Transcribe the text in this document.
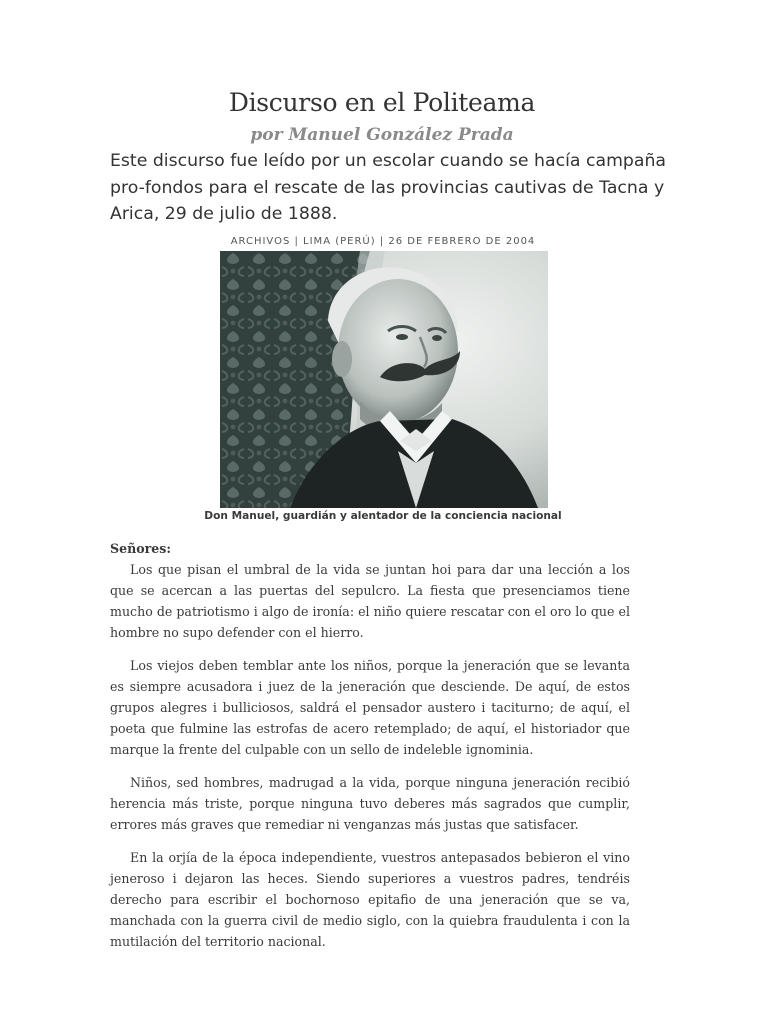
Discurso en el Politeama
por Manuel González Prada
Este discurso fue leído por un escolar cuando se hacía campaña pro-fondos para el rescate de las provincias cautivas de Tacna y Arica, 29 de julio de 1888.
ARCHIVOS | LIMA (PERÚ) | 26 DE FEBRERO DE 2004
Don Manuel, guardián y alentador de la conciencia nacional
Señores:

Los que pisan el umbral de la vida se juntan hoi para dar una lección a los que se acercan a las puertas del sepulcro. La fiesta que presenciamos tiene mucho de patriotismo i algo de ironía: el niño quiere rescatar con el oro lo que el hombre no supo defender con el hierro.

Los viejos deben temblar ante los niños, porque la jeneración que se levanta es siempre acusadora i juez de la jeneración que desciende. De aquí, de estos grupos alegres i bulliciosos, saldrá el pensador austero i taciturno; de aquí, el poeta que fulmine las estrofas de acero retemplado; de aquí, el historiador que marque la frente del culpable con un sello de indeleble ignominia.

Niños, sed hombres, madrugad a la vida, porque ninguna jeneración recibió herencia más triste, porque ninguna tuvo deberes más sagrados que cumplir, errores más graves que remediar ni venganzas más justas que satisfacer.

En la orjía de la época independiente, vuestros antepasados bebieron el vino jeneroso i dejaron las heces. Siendo superiores a vuestros padres, tendréis derecho para escribir el bochornoso epitafio de una jeneración que se va, manchada con la guerra civil de medio siglo, con la quiebra fraudulenta i con la mutilación del territorio nacional.
